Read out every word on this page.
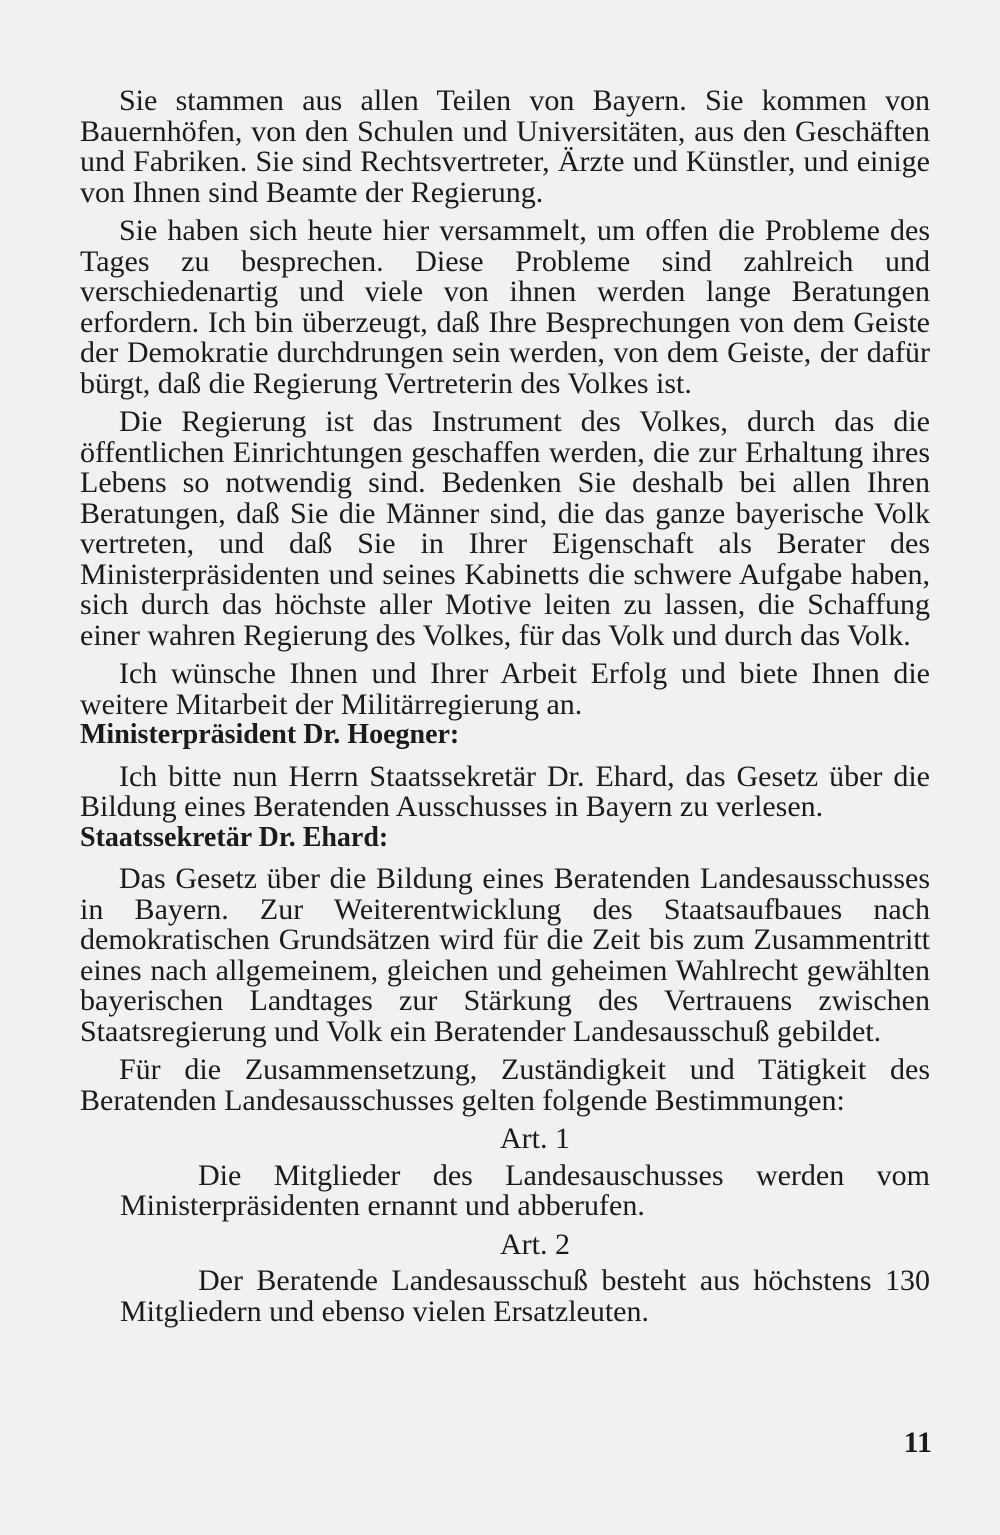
Sie stammen aus allen Teilen von Bayern. Sie kommen von Bauernhöfen, von den Schulen und Universitäten, aus den Geschäften und Fabriken. Sie sind Rechtsvertreter, Ärzte und Künstler, und einige von Ihnen sind Beamte der Regierung.

Sie haben sich heute hier versammelt, um offen die Probleme des Tages zu besprechen. Diese Probleme sind zahlreich und verschiedenartig und viele von ihnen werden lange Beratungen erfordern. Ich bin überzeugt, daß Ihre Besprechungen von dem Geiste der Demokratie durchdrungen sein werden, von dem Geiste, der dafür bürgt, daß die Regierung Vertreterin des Volkes ist.

Die Regierung ist das Instrument des Volkes, durch das die öffentlichen Einrichtungen geschaffen werden, die zur Erhaltung ihres Lebens so notwendig sind. Bedenken Sie deshalb bei allen Ihren Beratungen, daß Sie die Männer sind, die das ganze bayerische Volk vertreten, und daß Sie in Ihrer Eigenschaft als Berater des Ministerpräsidenten und seines Kabinetts die schwere Aufgabe haben, sich durch das höchste aller Motive leiten zu lassen, die Schaffung einer wahren Regierung des Volkes, für das Volk und durch das Volk.

Ich wünsche Ihnen und Ihrer Arbeit Erfolg und biete Ihnen die weitere Mitarbeit der Militärregierung an.

Ministerpräsident Dr. Hoegner:

Ich bitte nun Herrn Staatssekretär Dr. Ehard, das Gesetz über die Bildung eines Beratenden Ausschusses in Bayern zu verlesen.

Staatssekretär Dr. Ehard:

Das Gesetz über die Bildung eines Beratenden Landesausschusses in Bayern. Zur Weiterentwicklung des Staatsaufbaues nach demokratischen Grundsätzen wird für die Zeit bis zum Zusammentritt eines nach allgemeinem, gleichen und geheimen Wahlrecht gewählten bayerischen Landtages zur Stärkung des Vertrauens zwischen Staatsregierung und Volk ein Beratender Landesausschuß gebildet.

Für die Zusammensetzung, Zuständigkeit und Tätigkeit des Beratenden Landesausschusses gelten folgende Bestimmungen:

Art. 1

Die Mitglieder des Landesauschusses werden vom Ministerpräsidenten ernannt und abberufen.

Art. 2

Der Beratende Landesausschuß besteht aus höchstens 130 Mitgliedern und ebenso vielen Ersatzleuten.

11
